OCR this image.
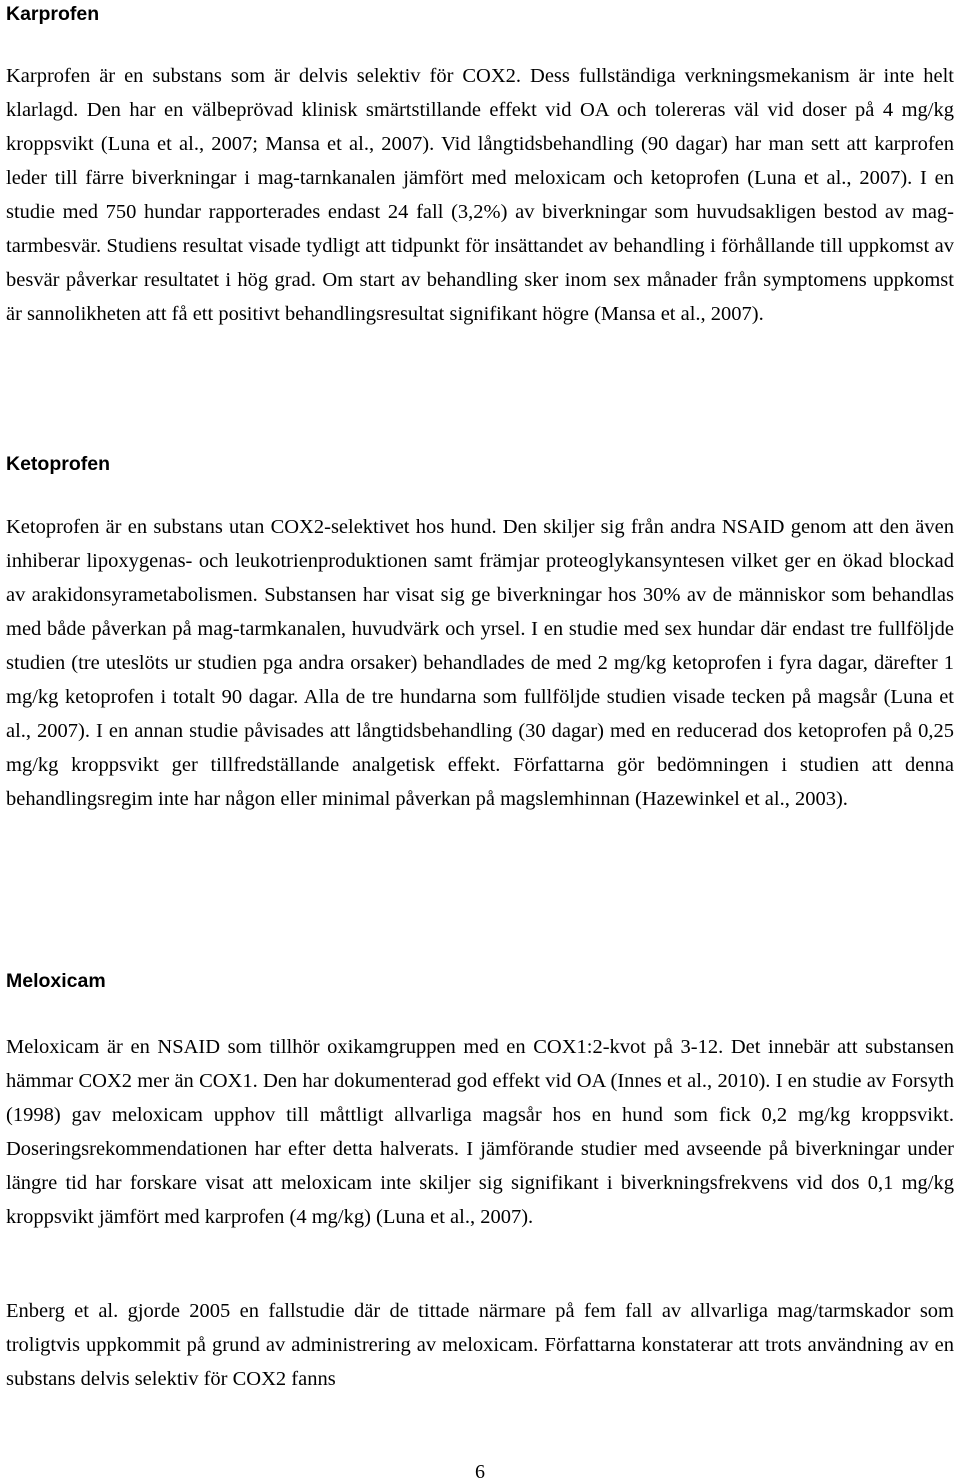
Karprofen

Karprofen är en substans som är delvis selektiv för COX2. Dess fullständiga verkningsmekanism är inte helt klarlagd. Den har en välbeprövad klinisk smärtstillande effekt vid OA och tolereras väl vid doser på 4 mg/kg kroppsvikt (Luna et al., 2007; Mansa et al., 2007). Vid långtidsbehandling (90 dagar) har man sett att karprofen leder till färre biverkningar i mag-tarnkanalen jämfört med meloxicam och ketoprofen (Luna et al., 2007). I en studie med 750 hundar rapporterades endast 24 fall (3,2%) av biverkningar som huvudsakligen bestod av mag-tarmbesvär. Studiens resultat visade tydligt att tidpunkt för insättandet av behandling i förhållande till uppkomst av besvär påverkar resultatet i hög grad. Om start av behandling sker inom sex månader från symptomens uppkomst är sannolikheten att få ett positivt behandlingsresultat signifikant högre (Mansa et al., 2007).

Ketoprofen

Ketoprofen är en substans utan COX2-selektivet hos hund. Den skiljer sig från andra NSAID genom att den även inhiberar lipoxygenas- och leukotrienproduktionen samt främjar proteoglykansyntesen vilket ger en ökad blockad av arakidonsyrametabolismen. Substansen har visat sig ge biverkningar hos 30% av de människor som behandlas med både påverkan på mag-tarmkanalen, huvudvärk och yrsel. I en studie med sex hundar där endast tre fullföljde studien (tre uteslöts ur studien pga andra orsaker) behandlades de med 2 mg/kg ketoprofen i fyra dagar, därefter 1 mg/kg ketoprofen i totalt 90 dagar. Alla de tre hundarna som fullföljde studien visade tecken på magsår (Luna et al., 2007). I en annan studie påvisades att långtidsbehandling (30 dagar) med en reducerad dos ketoprofen på 0,25 mg/kg kroppsvikt ger tillfredställande analgetisk effekt. Författarna gör bedömningen i studien att denna behandlingsregim inte har någon eller minimal påverkan på magslemhinnan (Hazewinkel et al., 2003).

Meloxicam

Meloxicam är en NSAID som tillhör oxikamgruppen med en COX1:2-kvot på 3-12. Det innebär att substansen hämmar COX2 mer än COX1. Den har dokumenterad god effekt vid OA (Innes et al., 2010). I en studie av Forsyth (1998) gav meloxicam upphov till måttligt allvarliga magsår hos en hund som fick 0,2 mg/kg kroppsvikt. Doseringsrekommendationen har efter detta halverats. I jämförande studier med avseende på biverkningar under längre tid har forskare visat att meloxicam inte skiljer sig signifikant i biverkningsfrekvens vid dos 0,1 mg/kg kroppsvikt jämfört med karprofen (4 mg/kg) (Luna et al., 2007).

Enberg et al. gjorde 2005 en fallstudie där de tittade närmare på fem fall av allvarliga mag/tarmskador som troligtvis uppkommit på grund av administrering av meloxicam. Författarna konstaterar att trots användning av en substans delvis selektiv för COX2 fanns

6
